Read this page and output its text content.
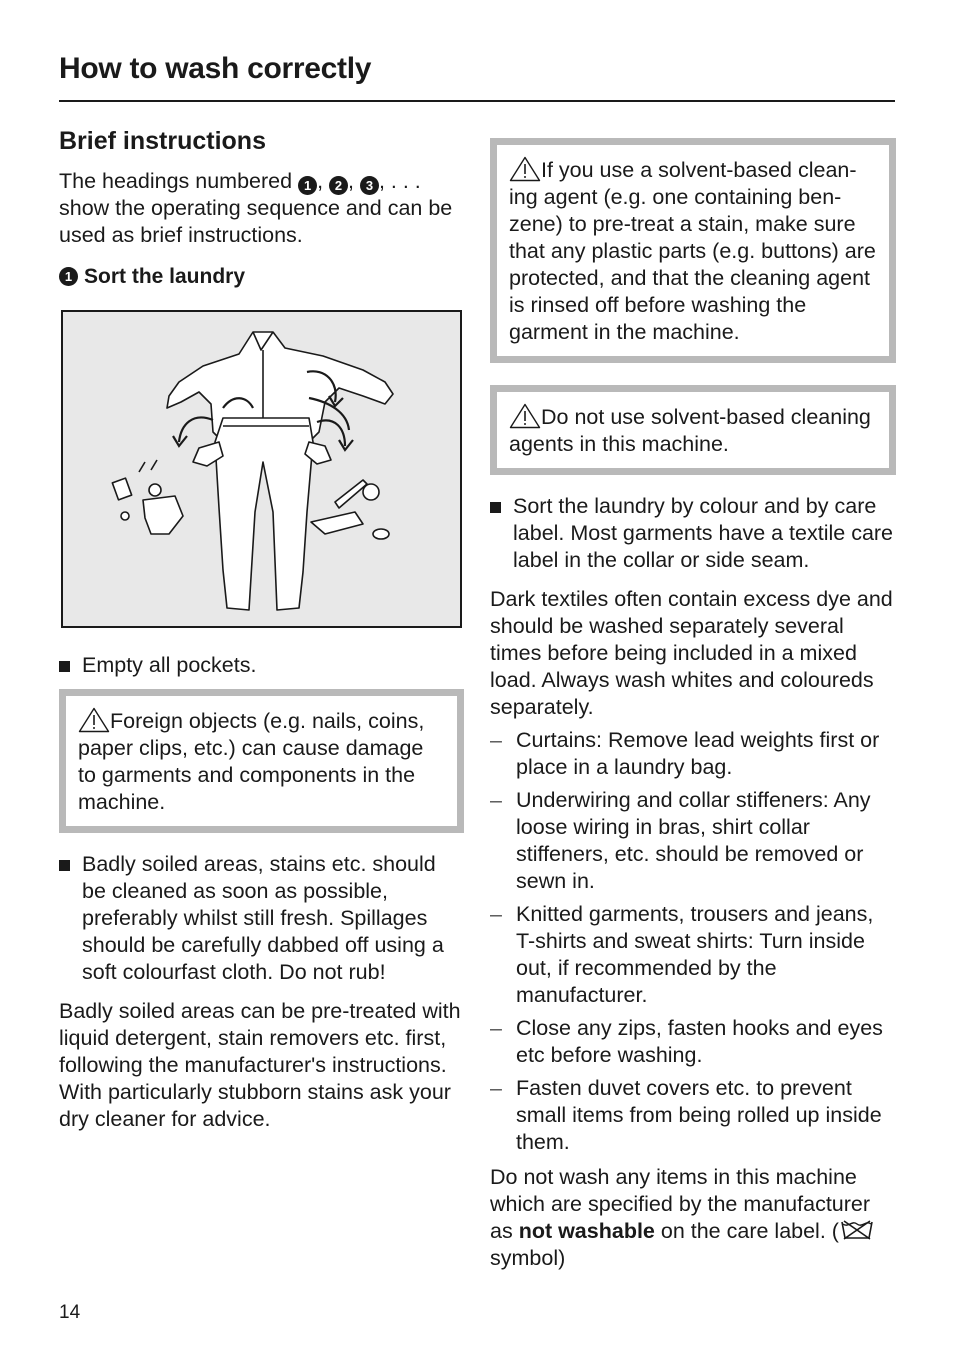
How to wash correctly
Brief instructions
The headings numbered 1 , 2 , 3 , . . . show the operating sequence and can be used as brief instructions.
1 Sort the laundry
Empty all pockets.
Foreign objects (e.g. nails, coins, paper clips, etc.) can cause damage to garments and components in the machine.
Badly soiled areas, stains etc. should be cleaned as soon as possible, preferably whilst still fresh. Spillages should be carefully dabbed off using a soft colourfast cloth. Do not rub!
Badly soiled areas can be pre-treated with liquid detergent, stain removers etc. first, following the manufacturer's instructions. With particularly stubborn stains ask your dry cleaner for advice.
If you use a solvent-based clean-ing agent (e.g. one containing ben-zene) to pre-treat a stain, make sure that any plastic parts (e.g. buttons) are protected, and that the cleaning agent is rinsed off before washing the garment in the machine.
Do not use solvent-based cleaning agents in this machine.
Sort the laundry by colour and by care label. Most garments have a textile care label in the collar or side seam.
Dark textiles often contain excess dye and should be washed separately several times before being included in a mixed load. Always wash whites and coloureds separately.
– Curtains: Remove lead weights first or place in a laundry bag.
– Underwiring and collar stiffeners: Any loose wiring in bras, shirt collar stiffeners, etc. should be removed or sewn in.
– Knitted garments, trousers and jeans, T-shirts and sweat shirts: Turn inside out, if recommended by the manufacturer.
– Close any zips, fasten hooks and eyes etc before washing.
– Fasten duvet covers etc. to prevent small items from being rolled up inside them.
Do not wash any items in this machine which are specified by the manufacturer as not washable on the care label. ( symbol)
14
